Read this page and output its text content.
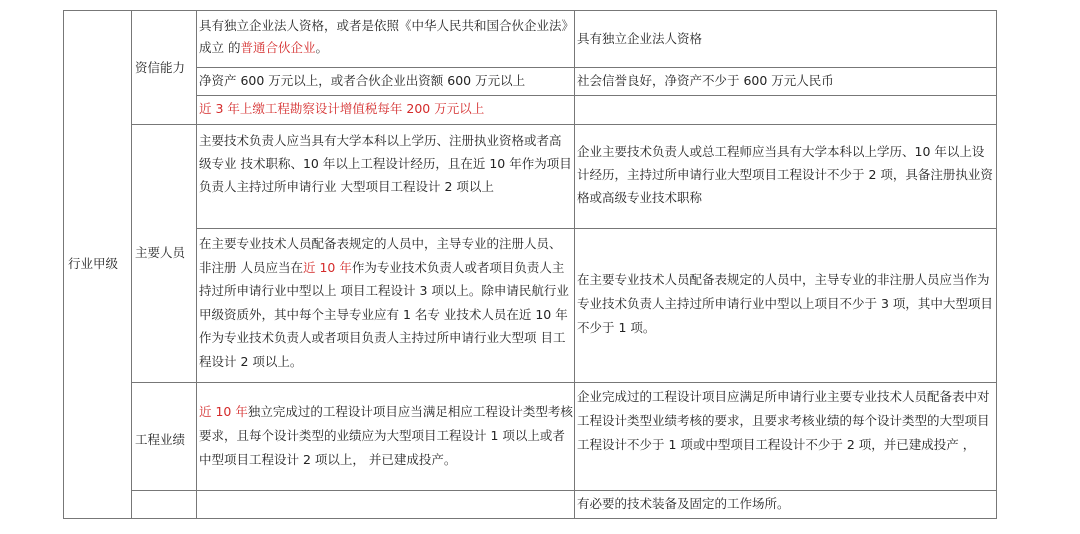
行业甲级
资信能力
主要人员
工程业绩

具有独立企业法人资格，或者是依照《中华人民共和国合伙企业法》成立 的普通合伙企业。

具有独立企业法人资格

净资产 600 万元以上，或者合伙企业出资额 600 万元以上	社会信誉良好，净资产不少于 600 万元人民币

近 3 年上缴工程勘察设计增值税每年 200 万元以上

主要技术负责人应当具有大学本科以上学历、注册执业资格或者高级专业 技术职称、10 年以上工程设计经历，且在近 10 年作为项目负责人主持过所申请行业 大型项目工程设计 2 项以上

企业主要技术负责人或总工程师应当具有大学本科以上学历、10 年以上设计经历，主持过所申请行业大型项目工程设计不少于 2 项，具备注册执业资格或高级专业技术职称

在主要专业技术人员配备表规定的人员中，主导专业的注册人员、非注册 人员应当在近 10 年作为专业技术负责人或者项目负责人主持过所申请行业中型以上 项目工程设计 3 项以上。除申请民航行业甲级资质外，其中每个主导专业应有 1 名专 业技术人员在近 10 年作为专业技术负责人或者项目负责人主持过所申请行业大型项 目工程设计 2 项以上。

在主要专业技术人员配备表规定的人员中，主导专业的非注册人员应当作为专业技术负责人主持过所申请行业中型以上项目不少于 3 项，其中大型项目不少于 1 项。

近 10 年独立完成过的工程设计项目应当满足相应工程设计类型考核要求，且每个设计类型的业绩应为大型项目工程设计 1 项以上或者中型项目工程设计 2 项以上， 并已建成投产。

企业完成过的工程设计项目应满足所申请行业主要专业技术人员配备表中对工程设计类型业绩考核的要求，且要求考核业绩的每个设计类型的大型项目工程设计不少于 1 项或中型项目工程设计不少于 2 项，并已建成投产 ，

有必要的技术装备及固定的工作场所。
